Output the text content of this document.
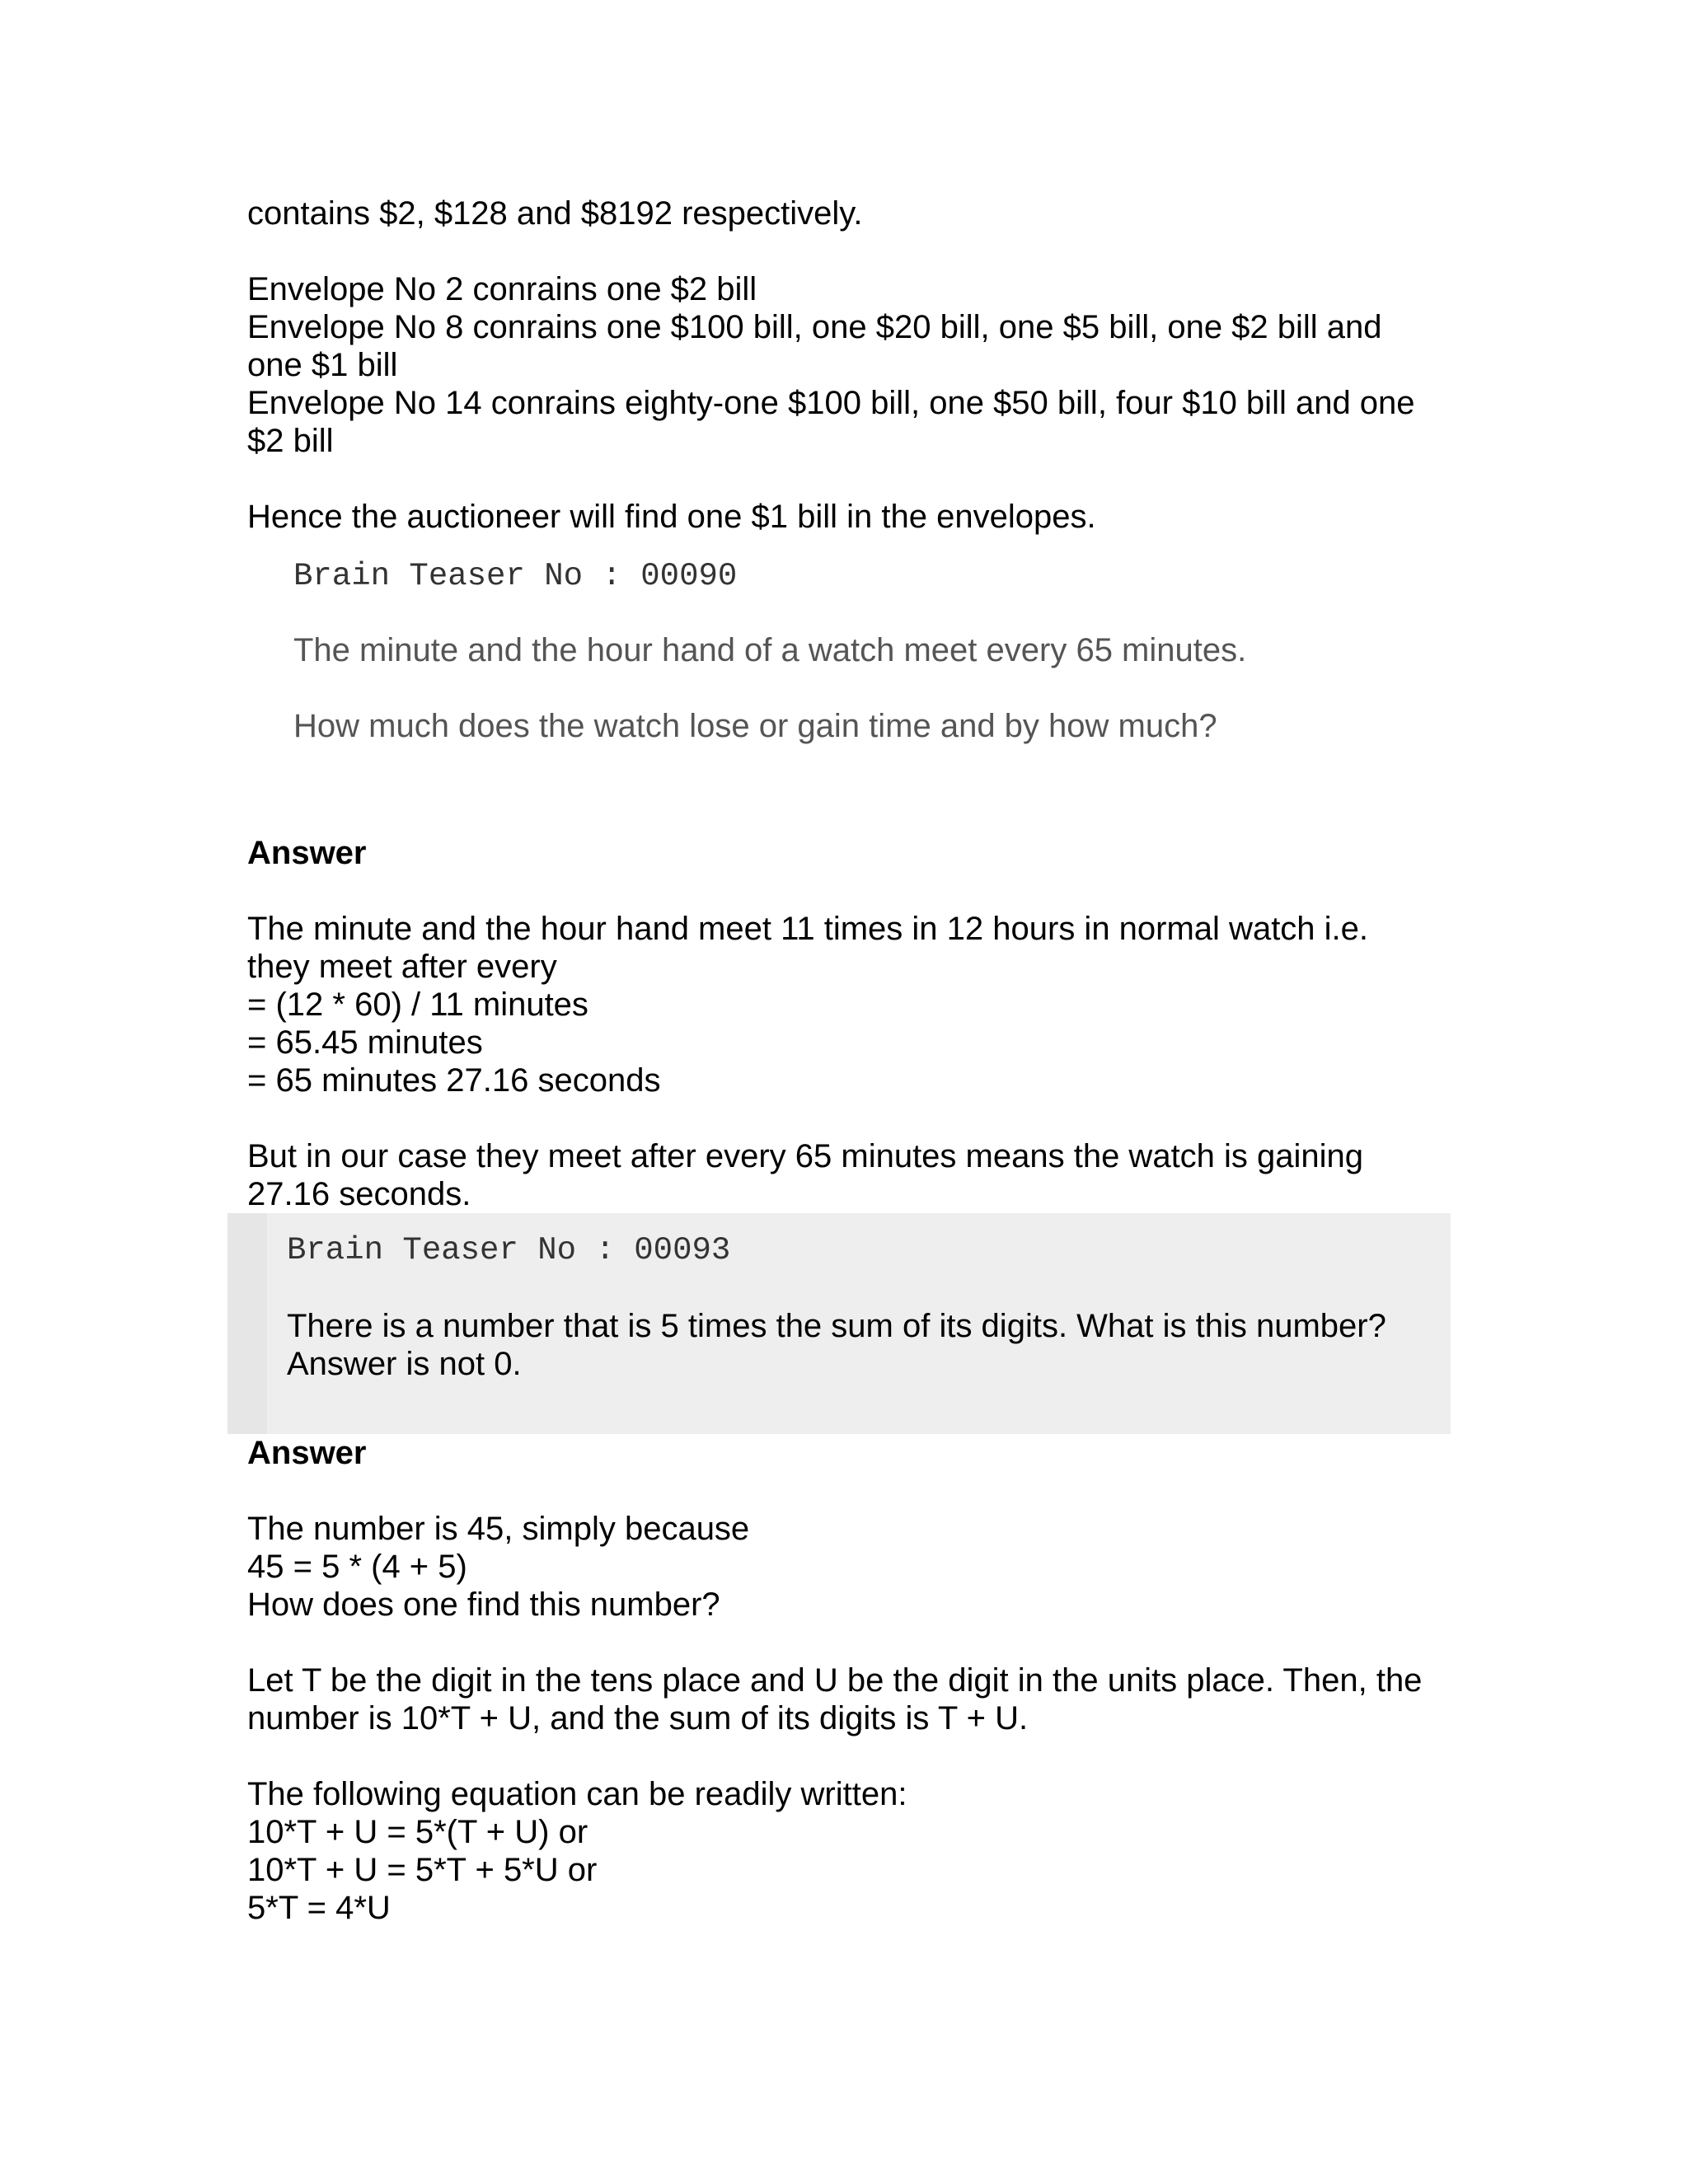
contains $2, $128 and $8192 respectively.

Envelope No 2 conrains one $2 bill

Envelope No 8 conrains one $100 bill, one $20 bill, one $5 bill, one $2 bill and

one $1 bill

Envelope No 14 conrains eighty-one $100 bill, one $50 bill, four $10 bill and one

$2 bill

Hence the auctioneer will find one $1 bill in the envelopes.

Brain Teaser No : 00090

The minute and the hour hand of a watch meet every 65 minutes.

How much does the watch lose or gain time and by how much?

Answer

The minute and the hour hand meet 11 times in 12 hours in normal watch i.e.

they meet after every

= (12 * 60) / 11 minutes

= 65.45 minutes

= 65 minutes 27.16 seconds

But in our case they meet after every 65 minutes means the watch is gaining

27.16 seconds.

Brain Teaser No : 00093

There is a number that is 5 times the sum of its digits. What is this number?

Answer is not 0.

Answer

The number is 45, simply because

45 = 5 * (4 + 5)

How does one find this number?

Let T be the digit in the tens place and U be the digit in the units place. Then, the

number is 10*T + U, and the sum of its digits is T + U.

The following equation can be readily written:

10*T + U = 5*(T + U) or

10*T + U = 5*T + 5*U or

5*T = 4*U
